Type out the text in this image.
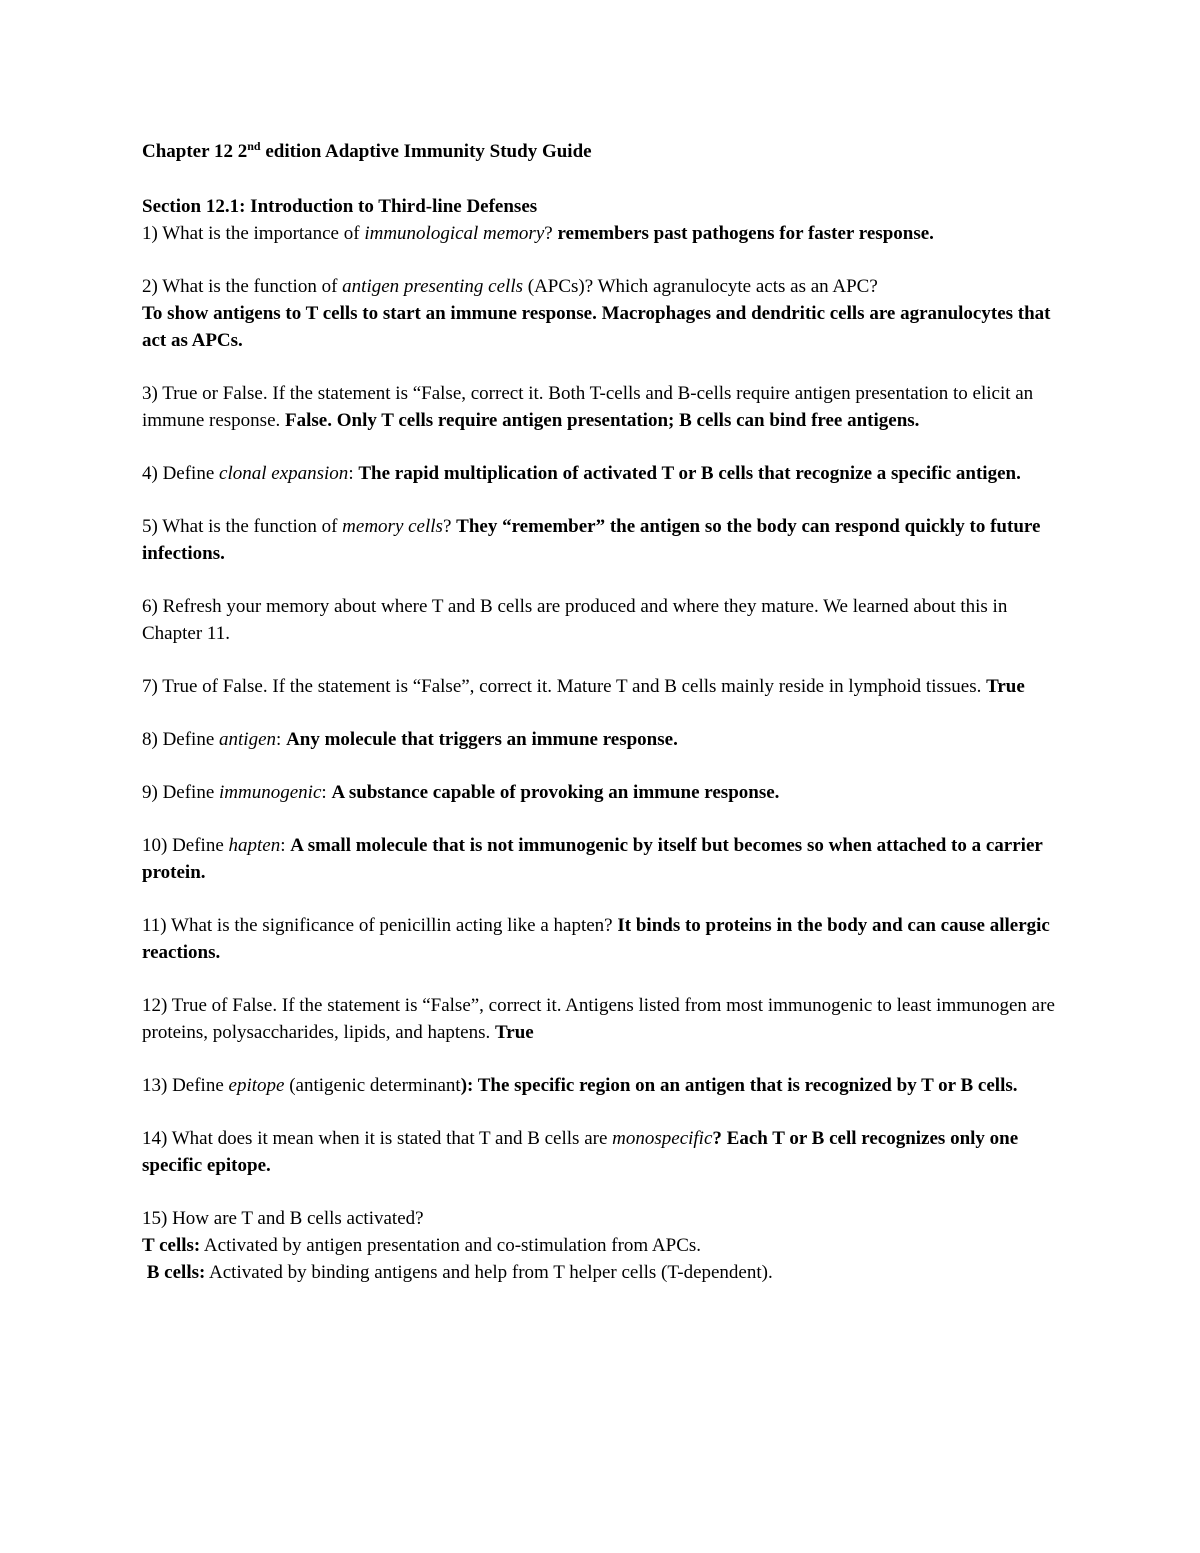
Chapter 12 2nd edition Adaptive Immunity Study Guide

Section 12.1: Introduction to Third-line Defenses

1) What is the importance of immunological memory? remembers past pathogens for faster response.

2) What is the function of antigen presenting cells (APCs)? Which agranulocyte acts as an APC?
To show antigens to T cells to start an immune response. Macrophages and dendritic cells are agranulocytes that act as APCs.

3) True or False. If the statement is “False, correct it. Both T-cells and B-cells require antigen presentation to elicit an immune response. False. Only T cells require antigen presentation; B cells can bind free antigens.

4) Define clonal expansion: The rapid multiplication of activated T or B cells that recognize a specific antigen.

5) What is the function of memory cells? They “remember” the antigen so the body can respond quickly to future infections.

6) Refresh your memory about where T and B cells are produced and where they mature. We learned about this in Chapter 11.

7) True of False. If the statement is “False”, correct it. Mature T and B cells mainly reside in lymphoid tissues. True

8) Define antigen: Any molecule that triggers an immune response.

9) Define immunogenic: A substance capable of provoking an immune response.

10) Define hapten: A small molecule that is not immunogenic by itself but becomes so when attached to a carrier protein.

11) What is the significance of penicillin acting like a hapten? It binds to proteins in the body and can cause allergic reactions.

12) True of False. If the statement is “False”, correct it. Antigens listed from most immunogenic to least immunogen are proteins, polysaccharides, lipids, and haptens. True

13) Define epitope (antigenic determinant): The specific region on an antigen that is recognized by T or B cells.

14) What does it mean when it is stated that T and B cells are monospecific? Each T or B cell recognizes only one specific epitope.

15) How are T and B cells activated?
T cells: Activated by antigen presentation and co-stimulation from APCs.
B cells: Activated by binding antigens and help from T helper cells (T-dependent).
